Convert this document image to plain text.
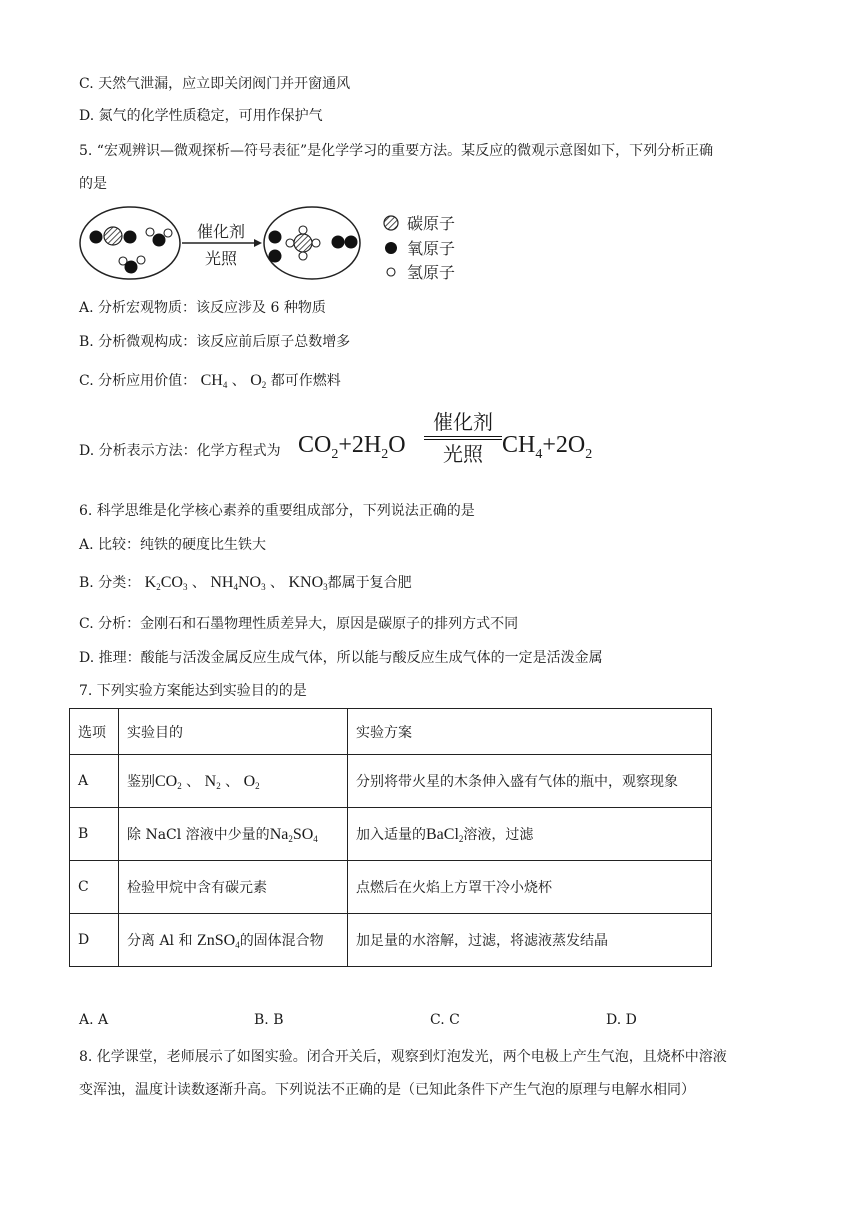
C. 天然气泄漏，应立即关闭阀门并开窗通风
D. 氮气的化学性质稳定，可用作保护气
5. “宏观辨识—微观探析—符号表征”是化学学习的重要方法。某反应的微观示意图如下，下列分析正确
的是
催化剂
光照
碳原子
氧原子
氢原子
A. 分析宏观物质：该反应涉及 6 种物质
B. 分析微观构成：该反应前后原子总数增多
C. 分析应用价值： $CH_4$ 、 $O_2$ 都可作燃料
D. 分析表示方法：化学方程式为 $CO_2+2H_2O$
催化剂
光照 $CH_4+2O_2$
6. 科学思维是化学核心素养的重要组成部分，下列说法正确的是
A. 比较：纯铁的硬度比生铁大
B. 分类： $K_2CO_3$ 、 $NH_4NO_3$ 、 $KNO_3$都属于复合肥
C. 分析：金刚石和石墨物理性质差异大，原因是碳原子的排列方式不同
D. 推理：酸能与活泼金属反应生成气体，所以能与酸反应生成气体的一定是活泼金属
7. 下列实验方案能达到实验目的的是
选项	实验目的	实验方案
A	鉴别$CO_2$ 、 $N_2$ 、 $O_2$	分别将带火星的木条伸入盛有气体的瓶中，观察现象
B	除 NaCl 溶液中少量的$Na_2SO_4$	加入适量的BaCl$_2$溶液，过滤
C	检验甲烷中含有碳元素	点燃后在火焰上方罩干冷小烧杯
D	分离 Al 和 ZnSO$_4$的固体混合物	加足量的水溶解，过滤，将滤液蒸发结晶
A. A	B. B	C. C	D. D
8. 化学课堂，老师展示了如图实验。闭合开关后，观察到灯泡发光，两个电极上产生气泡，且烧杯中溶液
变浑浊，温度计读数逐渐升高。下列说法不正确的是（已知此条件下产生气泡的原理与电解水相同）
